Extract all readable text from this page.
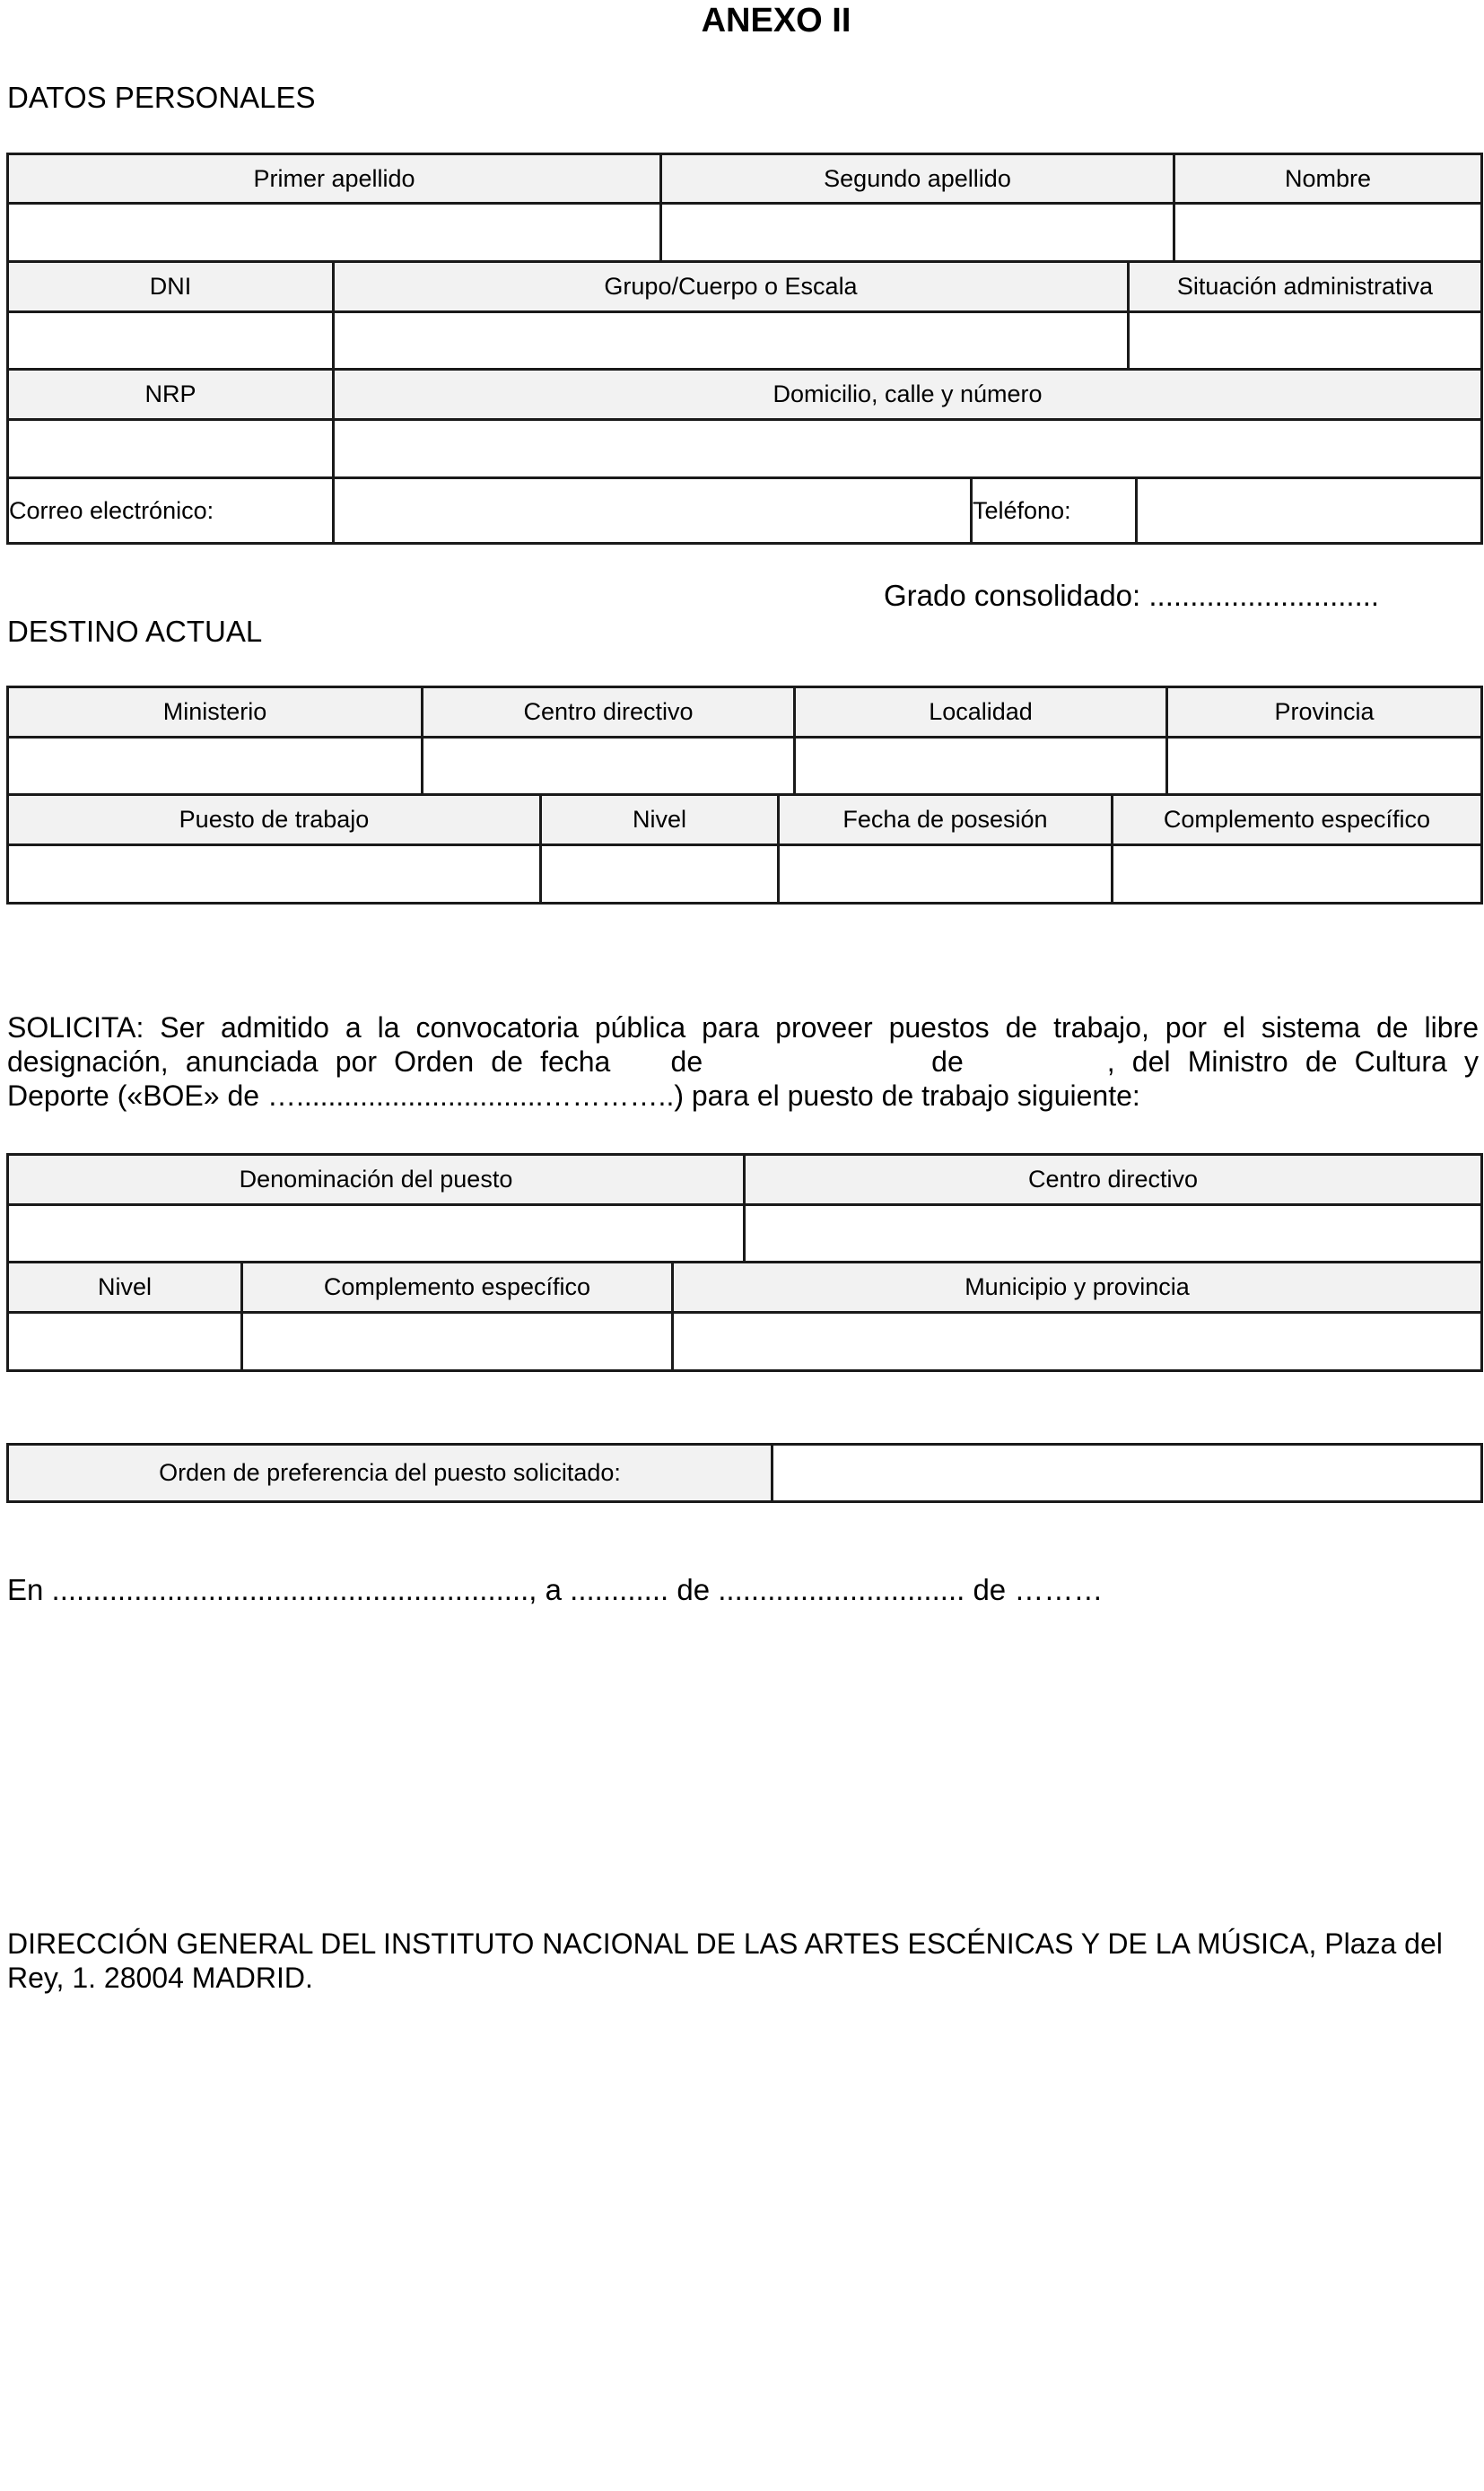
ANEXO II
DATOS PERSONALES
Primer apellido	Segundo apellido	Nombre

DNI	Grupo/Cuerpo o Escala	Situación administrativa

NRP	Domicilio, calle y número		

Correo electrónico:		Teléfono:	
Grado consolidado: ............................
DESTINO ACTUAL
Ministerio	Centro directivo	Localidad	Provincia

Puesto de trabajo	Nivel	Fecha de posesión	Complemento específico

SOLICITA: Ser admitido a la convocatoria pública para proveer puestos de trabajo, por el sistema de libre designación, anunciada por Orden de fecha de	de	, del Ministro de Cultura y Deporte («BOE» de …...............................…………..) para el puesto de trabajo siguiente:
Denominación del puesto	Centro directivo

Nivel	Complemento específico	Municipio y provincia

Orden de preferencia del puesto solicitado:	
En .........................................................., a ............ de .............................. de ………
DIRECCIÓN GENERAL DEL INSTITUTO NACIONAL DE LAS ARTES ESCÉNICAS Y DE LA MÚSICA, Plaza del Rey, 1. 28004 MADRID.
